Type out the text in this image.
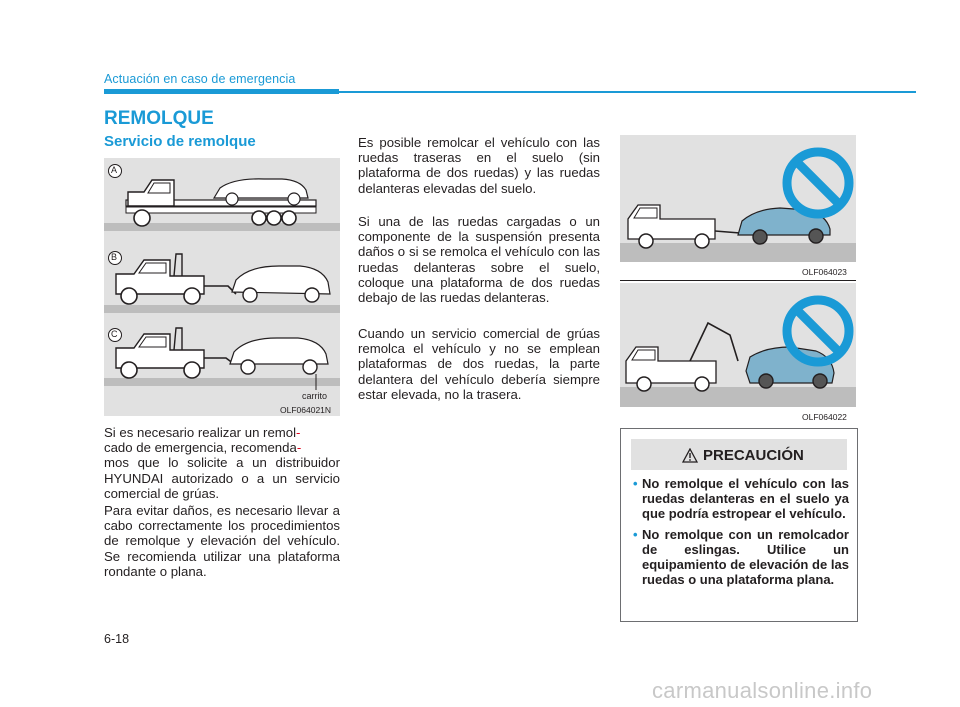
Actuación en caso de emergencia
REMOLQUE
Servicio de remolque
A
B
C
carrito
OLF064021N

Si es necesario realizar un remol-
cado de emergencia, recomenda-
mos que lo solicite a un distribuidor HYUNDAI autorizado o a un servicio comercial de grúas.

Para evitar daños, es necesario llevar a cabo correctamente los procedimientos de remolque y elevación del vehículo. Se recomienda utilizar una plataforma rondante o plana.

Es posible remolcar el vehículo con las ruedas traseras en el suelo (sin plataforma de dos ruedas) y las ruedas delanteras elevadas del suelo.

Si una de las ruedas cargadas o un componente de la suspensión presenta daños o si se remolca el vehículo con las ruedas delanteras sobre el suelo, coloque una plataforma de dos ruedas debajo de las ruedas delanteras.

Cuando un servicio comercial de grúas remolca el vehículo y no se emplean plataformas de dos ruedas, la parte delantera del vehículo debería siempre estar elevada, no la trasera.

OLF064023
OLF064022
PRECAUCIÓN
• No remolque el vehículo con las ruedas delanteras en el suelo ya que podría estropear el vehículo.
• No remolque con un remolcador de eslingas. Utilice un equipamiento de elevación de las ruedas o una plataforma plana.
6-18
carmanualsonline.info
